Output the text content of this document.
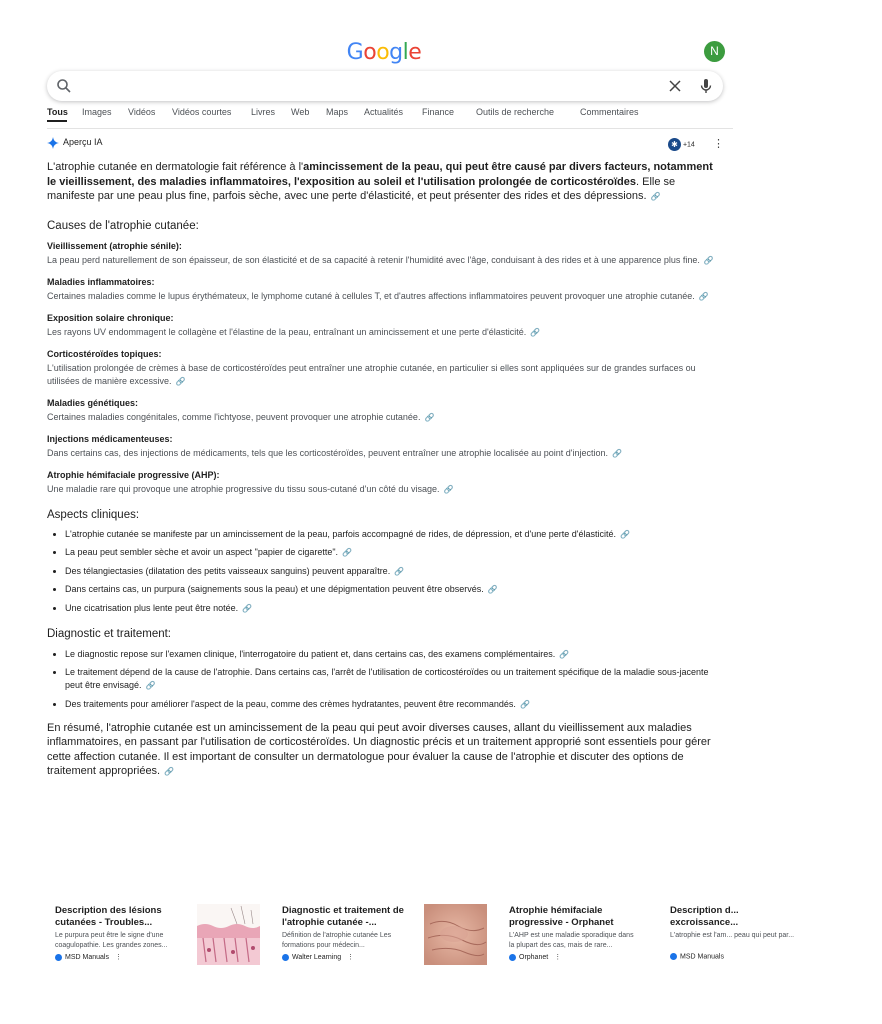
Google	N
Tous Images Vidéos Vidéos courtes Livres Web Maps Actualités Finance Outils de recherche	Commentaires
Aperçu IA	✱ +14 ⋮

L'atrophie cutanée en dermatologie fait référence à l'amincissement de la peau, qui peut être causé par divers facteurs, notamment le vieillissement, des maladies inflammatoires, l'exposition au soleil et l'utilisation prolongée de corticostéroïdes. Elle se manifeste par une peau plus fine, parfois sèche, avec une perte d'élasticité, et peut présenter des rides et des dépressions. 🔗

Causes de l'atrophie cutanée:

Vieillissement (atrophie sénile):

La peau perd naturellement de son épaisseur, de son élasticité et de sa capacité à retenir l'humidité avec l'âge, conduisant à des rides et à une apparence plus fine. 🔗

Maladies inflammatoires:

Certaines maladies comme le lupus érythémateux, le lymphome cutané à cellules T, et d'autres affections inflammatoires peuvent provoquer une atrophie cutanée. 🔗

Exposition solaire chronique:

Les rayons UV endommagent le collagène et l'élastine de la peau, entraînant un amincissement et une perte d'élasticité. 🔗

Corticostéroïdes topiques:

L'utilisation prolongée de crèmes à base de corticostéroïdes peut entraîner une atrophie cutanée, en particulier si elles sont appliquées sur de grandes surfaces ou utilisées de manière excessive. 🔗

Maladies génétiques:

Certaines maladies congénitales, comme l'ichtyose, peuvent provoquer une atrophie cutanée. 🔗

Injections médicamenteuses:

Dans certains cas, des injections de médicaments, tels que les corticostéroïdes, peuvent entraîner une atrophie localisée au point d'injection. 🔗

Atrophie hémifaciale progressive (AHP):

Une maladie rare qui provoque une atrophie progressive du tissu sous-cutané d'un côté du visage. 🔗

Aspects cliniques:

• L'atrophie cutanée se manifeste par un amincissement de la peau, parfois accompagné de rides, de dépression, et d'une perte d'élasticité. 🔗
• La peau peut sembler sèche et avoir un aspect "papier de cigarette". 🔗
• Des télangiectasies (dilatation des petits vaisseaux sanguins) peuvent apparaître. 🔗
• Dans certains cas, un purpura (saignements sous la peau) et une dépigmentation peuvent être observés. 🔗
• Une cicatrisation plus lente peut être notée. 🔗

Diagnostic et traitement:

• Le diagnostic repose sur l'examen clinique, l'interrogatoire du patient et, dans certains cas, des examens complémentaires. 🔗
• Le traitement dépend de la cause de l'atrophie. Dans certains cas, l'arrêt de l'utilisation de corticostéroïdes ou un traitement spécifique de la maladie sous-jacente peut être envisagé. 🔗
• Des traitements pour améliorer l'aspect de la peau, comme des crèmes hydratantes, peuvent être recommandés. 🔗

En résumé, l'atrophie cutanée est un amincissement de la peau qui peut avoir diverses causes, allant du vieillissement aux maladies inflammatoires, en passant par l'utilisation de corticostéroïdes. Un diagnostic précis et un traitement approprié sont essentiels pour gérer cette affection cutanée. Il est important de consulter un dermatologue pour évaluer la cause de l'atrophie et discuter des options de traitement appropriées. 🔗

Description des lésions cutanées - Troubles...
Le purpura peut être le signe d'une coagulopathie. Les grandes zones...
MSD Manuals ⋮
Diagnostic et traitement de l'atrophie cutanée -...
Définition de l'atrophie cutanée Les formations pour médecin...
Walter Learning ⋮
Atrophie hémifaciale progressive - Orphanet
L'AHP est une maladie sporadique dans la plupart des cas, mais de rare...
Orphanet ⋮
Description d... excroissance...
L'atrophie est l'am... peau qui peut par...
MSD Manuals
